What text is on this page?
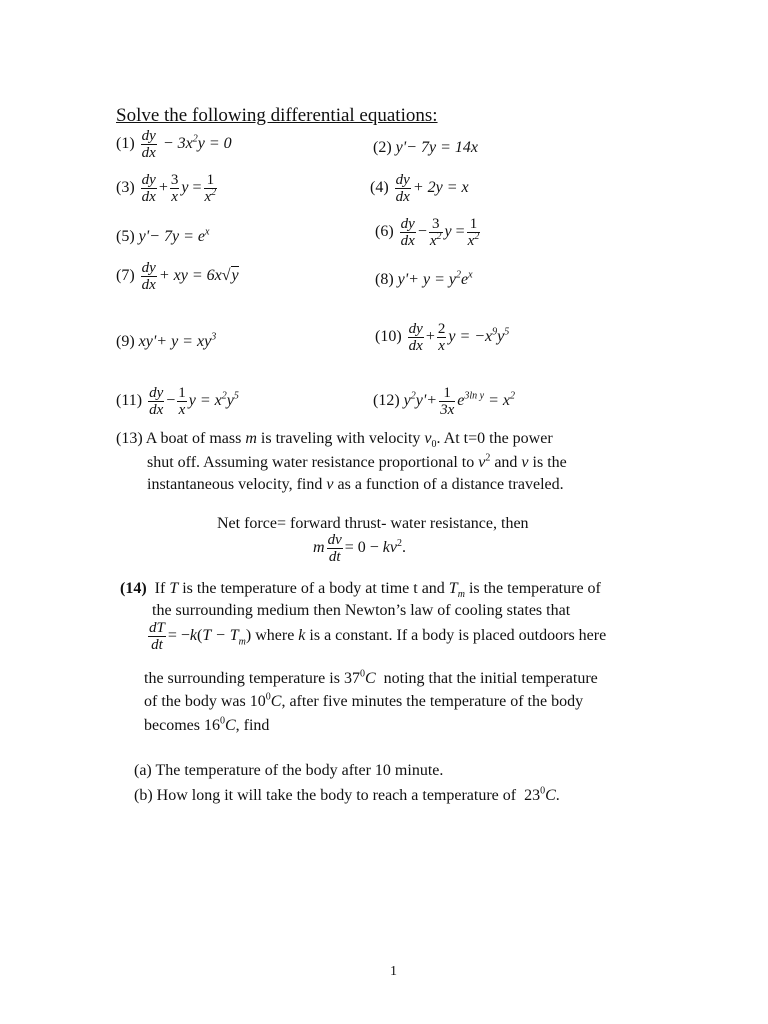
Solve the following differential equations:
$(1) \frac{dy}{dx} - 3x^2y = 0$	(2) y'− 7y = 14x
$(3) \frac{dy}{dx} + \frac{3}{x}$ $y = \frac{1}{x^2}$	$(4) \frac{dy}{dx} + 2y = x$
(5) $y'- 7y = e^x$	$(6) \frac{dy}{dx} - \frac{3}{x^2}$ $y = \frac{1}{x^2}$
$(7) \frac{dy}{dx}$ + xy = 6x√y	(8) $y'+ y = y^2e^x$
(9) $xy'+ y = xy^3$	$(10) \frac{dy}{dx} + \frac{2}{x}$ $y = -x^9y^5$
$(11) \frac{dy}{dx} - \frac{1}{x}$ $y = x^2y^5$	(12) $y^2y'+ \frac{1}{3x} e^{3ln y} = x^2$
(13) A boat of mass m is traveling with velocity $v_0$. At t=0 the power
shut off. Assuming water resistance proportional to $v^2$ and v is the
instantaneous velocity, find v as a function of a distance traveled.
Net force= forward thrust- water resistance, then
m $\frac{dv}{dt} = 0 - kv^2$.
(14) If T is the temperature of a body at time t and $T_m$ is the temperature of
the surrounding medium then Newton’s law of cooling states that
$\frac{dT}{dt} = -k(T - T_m)$ where k is a constant. If a body is placed outdoors here
the surrounding temperature is $37^0C$ noting that the initial temperature
of the body was $10^0C$, after five minutes the temperature of the body
becomes $16^0C$, find
(a) The temperature of the body after 10 minute.
(b) How long it will take the body to reach a temperature of $23^0C$.
1
